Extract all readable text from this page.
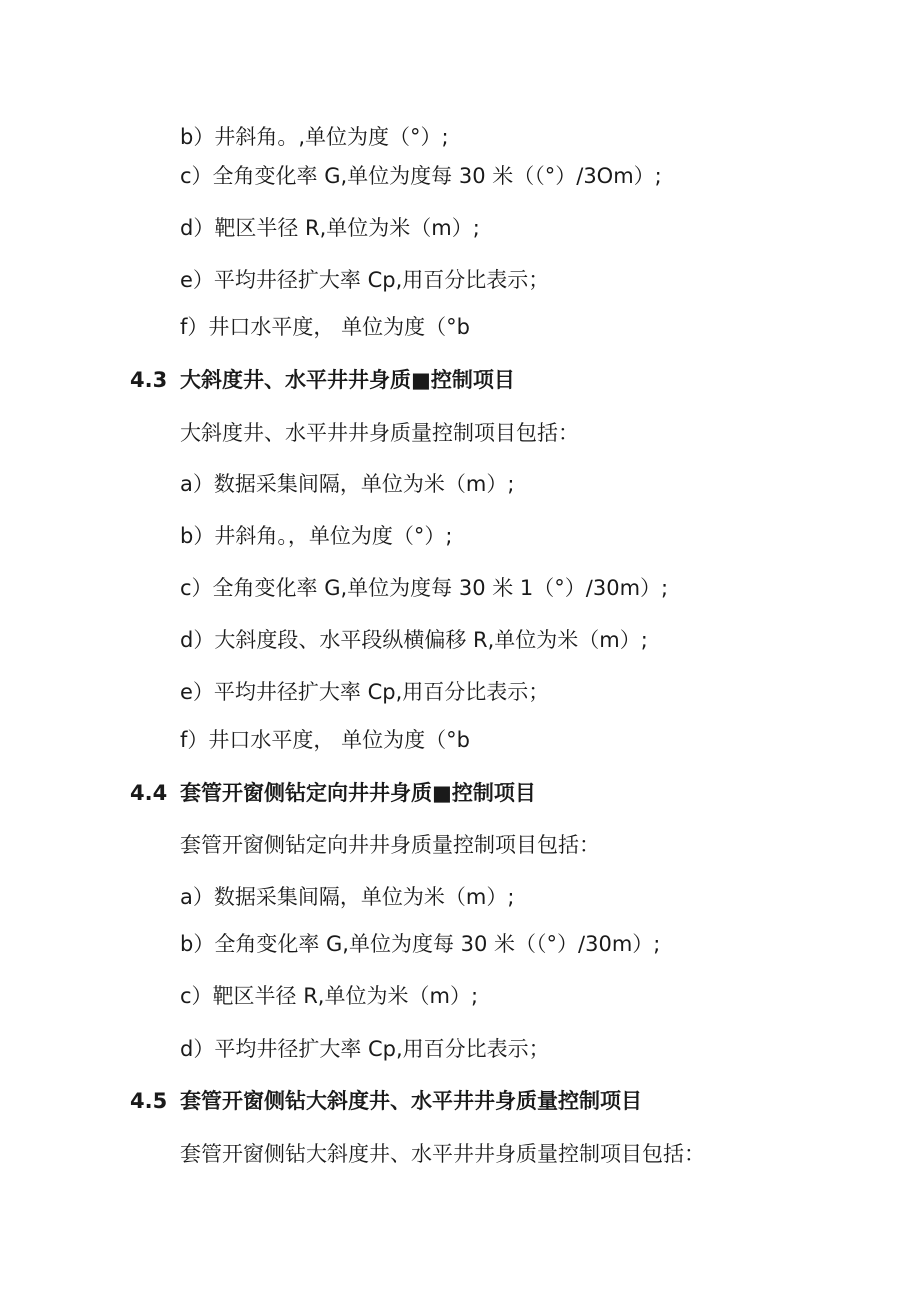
b）井斜角。,单位为度（°）;
c）全角变化率 G,单位为度每 30 米（（°）/3Om）;
d）靶区半径 R,单位为米（m）;
e）平均井径扩大率 Cp,用百分比表示；
f）井口水平度， 单位为度（°b
4.3 大斜度井、水平井井身质■控制项目
大斜度井、水平井井身质量控制项目包括：
a）数据采集间隔，单位为米（m）;
b）井斜角。，单位为度（°）;
c）全角变化率 G,单位为度每 30 米 1（°）∕30m）;
d）大斜度段、水平段纵横偏移 R,单位为米（m）;
e）平均井径扩大率 Cp,用百分比表示；
f）井口水平度， 单位为度（°b
4.4 套管开窗侧钻定向井井身质■控制项目
套管开窗侧钻定向井井身质量控制项目包括：
a）数据采集间隔，单位为米（m）;
b）全角变化率 G,单位为度每 30 米（（°）∕30m）;
c）靶区半径 R,单位为米（m）;
d）平均井径扩大率 Cp,用百分比表示；
4.5 套管开窗侧钻大斜度井、水平井井身质量控制项目
套管开窗侧钻大斜度井、水平井井身质量控制项目包括：
